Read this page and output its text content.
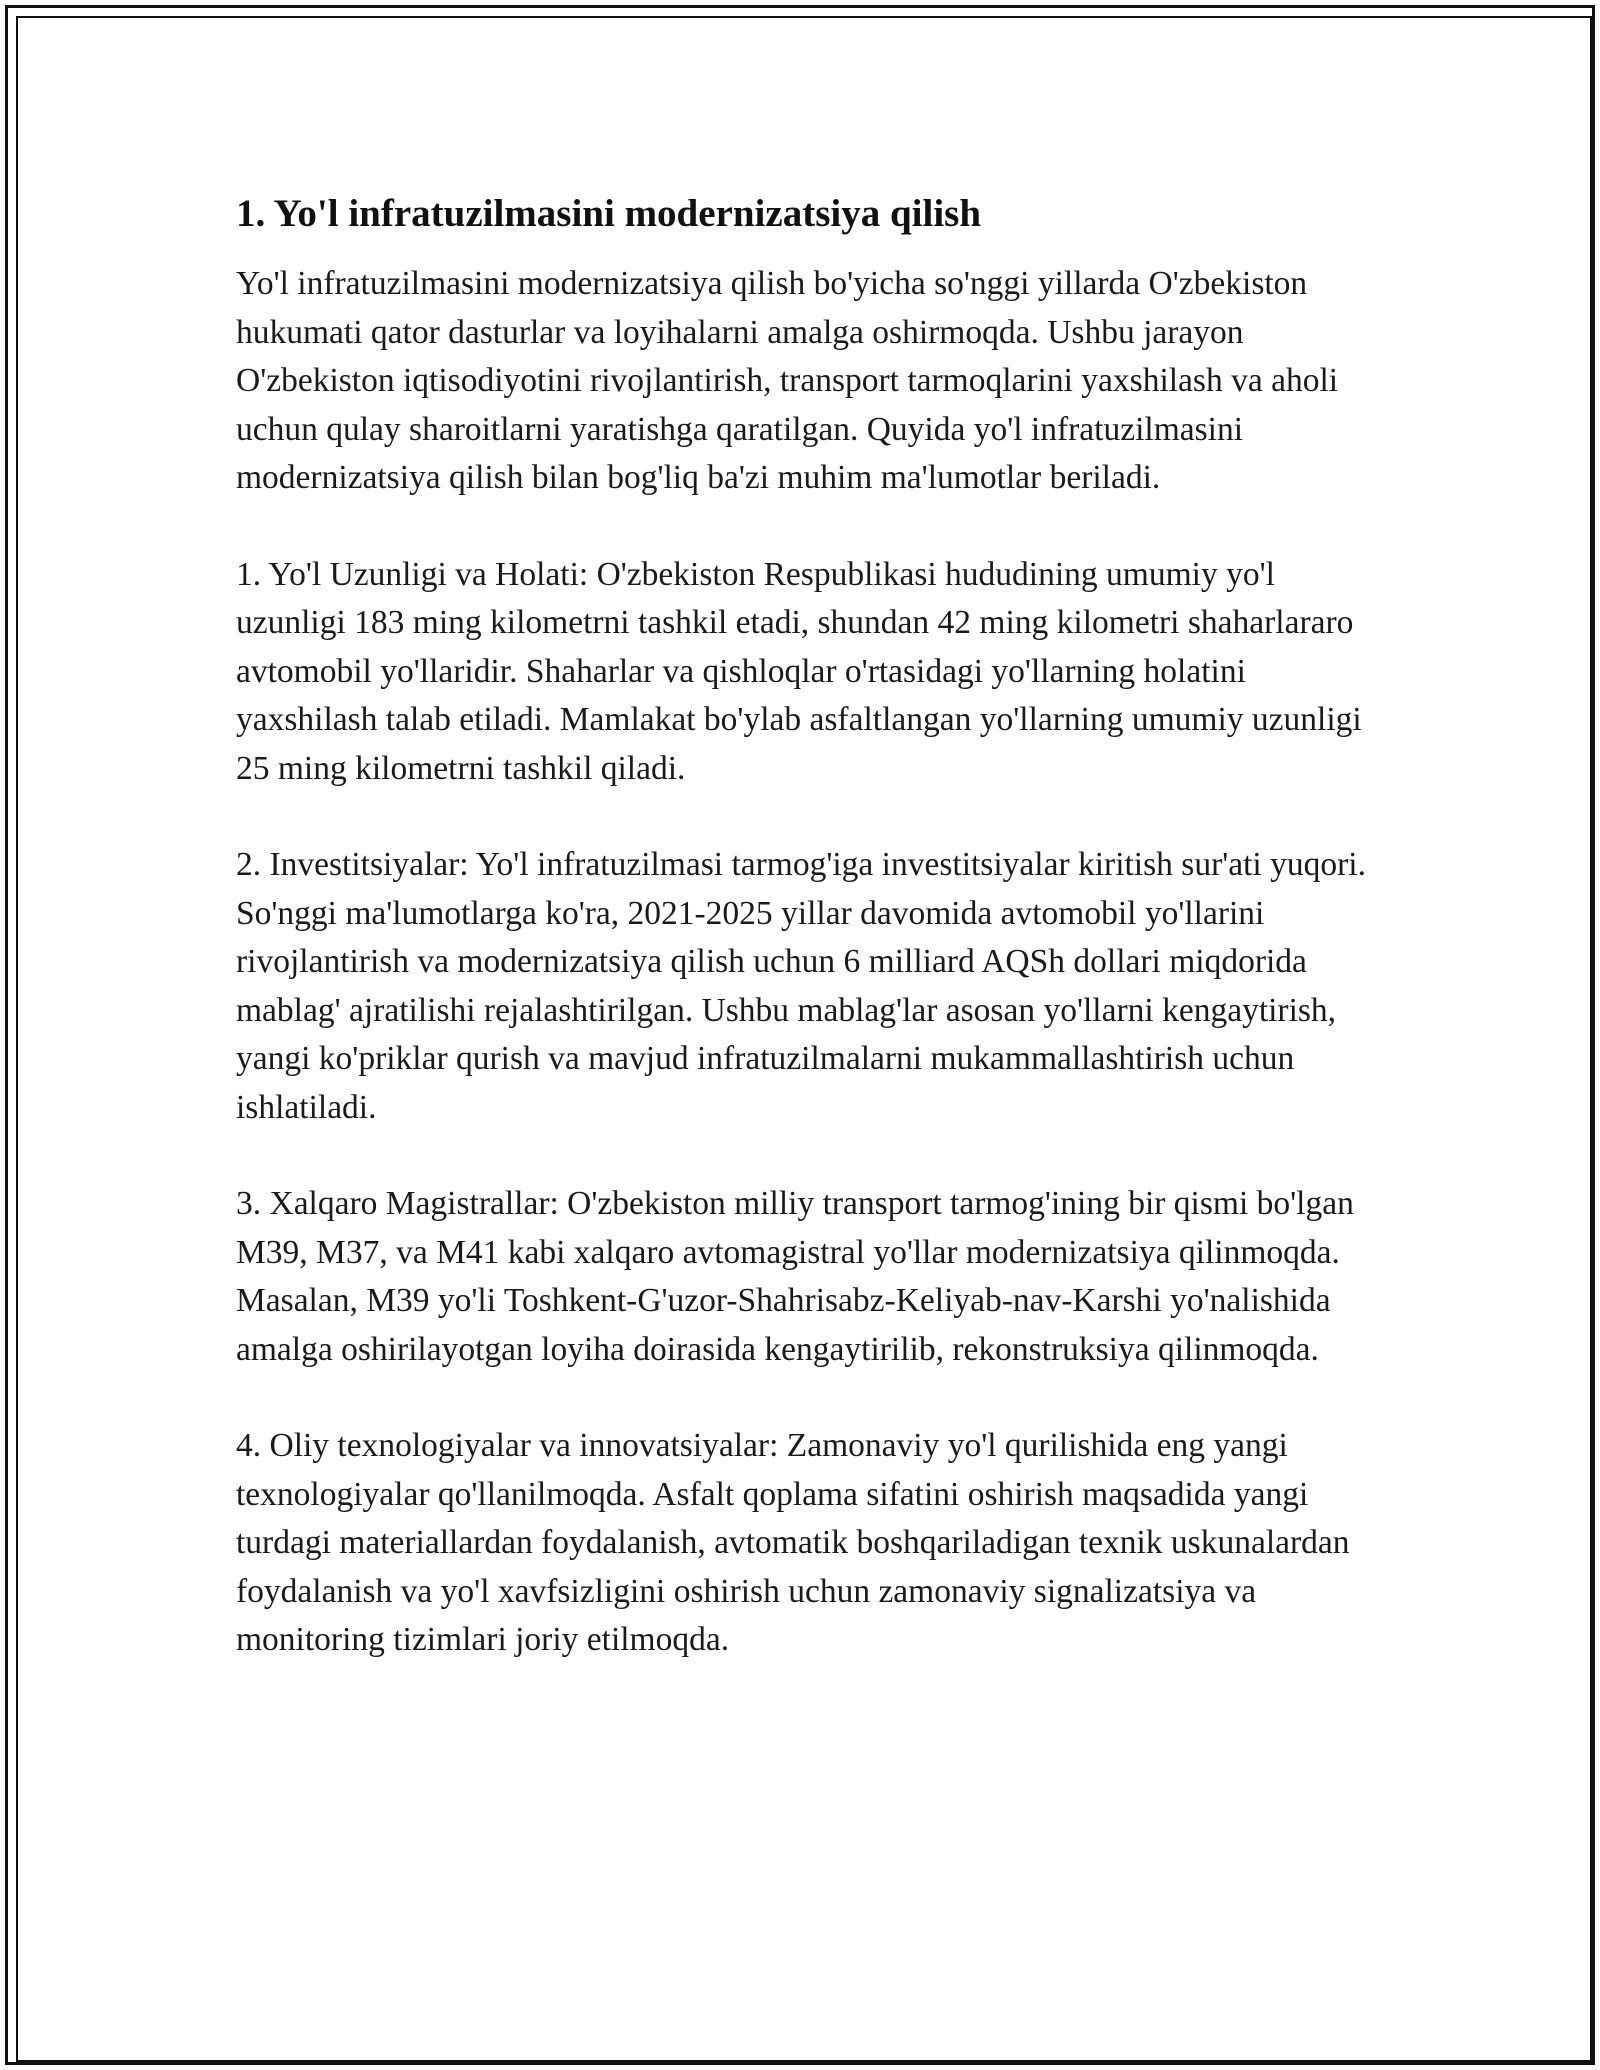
1. Yo'l infratuzilmasini modernizatsiya qilish

Yo'l infratuzilmasini modernizatsiya qilish bo'yicha so'nggi yillarda O'zbekiston hukumati qator dasturlar va loyihalarni amalga oshirmoqda. Ushbu jarayon O'zbekiston iqtisodiyotini rivojlantirish, transport tarmoqlarini yaxshilash va aholi uchun qulay sharoitlarni yaratishga qaratilgan. Quyida yo'l infratuzilmasini modernizatsiya qilish bilan bog'liq ba'zi muhim ma'lumotlar beriladi.

1. Yo'l Uzunligi va Holati: O'zbekiston Respublikasi hududining umumiy yo'l uzunligi 183 ming kilometrni tashkil etadi, shundan 42 ming kilometri shaharlararo avtomobil yo'llaridir. Shaharlar va qishloqlar o'rtasidagi yo'llarning holatini yaxshilash talab etiladi. Mamlakat bo'ylab asfaltlangan yo'llarning umumiy uzunligi 25 ming kilometrni tashkil qiladi.

2. Investitsiyalar: Yo'l infratuzilmasi tarmog'iga investitsiyalar kiritish sur'ati yuqori. So'nggi ma'lumotlarga ko'ra, 2021-2025 yillar davomida avtomobil yo'llarini rivojlantirish va modernizatsiya qilish uchun 6 milliard AQSh dollari miqdorida mablag' ajratilishi rejalashtirilgan. Ushbu mablag'lar asosan yo'llarni kengaytirish, yangi ko'priklar qurish va mavjud infratuzilmalarni mukammallashtirish uchun ishlatiladi.

3. Xalqaro Magistrallar: O'zbekiston milliy transport tarmog'ining bir qismi bo'lgan M39, M37, va M41 kabi xalqaro avtomagistral yo'llar modernizatsiya qilinmoqda. Masalan, M39 yo'li Toshkent-G'uzor-Shahrisabz-Keliyab-nav-Karshi yo'nalishida amalga oshirilayotgan loyiha doirasida kengaytirilib, rekonstruksiya qilinmoqda.

4. Oliy texnologiyalar va innovatsiyalar: Zamonaviy yo'l qurilishida eng yangi texnologiyalar qo'llanilmoqda. Asfalt qoplama sifatini oshirish maqsadida yangi turdagi materiallardan foydalanish, avtomatik boshqariladigan texnik uskunalardan foydalanish va yo'l xavfsizligini oshirish uchun zamonaviy signalizatsiya va monitoring tizimlari joriy etilmoqda.
